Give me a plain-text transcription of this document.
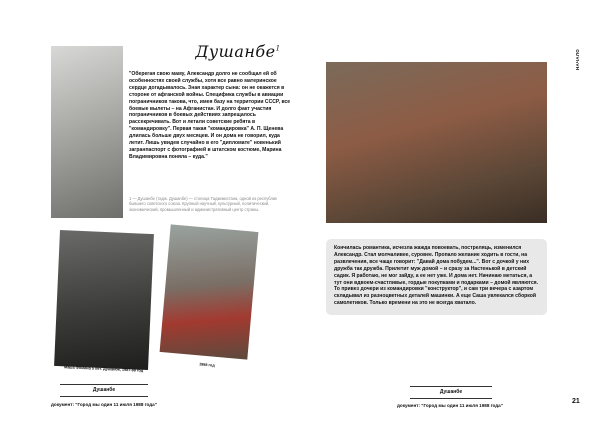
Душанбе$^1$
"Оберегая свою маму, Александр долго не сообщал ей об особенностях своей службы, хотя все равно материнское сердце догадывалось. Зная характер сына: он не окажется в стороне от афганской войны. Специфика службы в авиации пограничников такова, что, имея базу на территории СССР, все боевые вылеты – на Афганистан. И долго факт участия пограничников в боевых действиях запрещалось рассекречивать. Вот и летали советские ребята в "командировку". Первая такая "командировка" А. П. Щенева длилась больше двух месяцев. И он дома не говорил, куда летит. Лишь увидев случайно в его "дипломате" новенький загранпаспорт с фотографией в штатском костюме, Марина Владимировна поняла – куда."
1 — Душанбе (тадж. Душанбе) — столица Таджикистана, одной из республик бывшего советского союза. Крупный научный, культурный, политический, экономический, промышленный и административный центр страны.
Маша Фомина 5 лет. Душанбе, 1987-88 год
1988 год
Душанбе
документ: "Город мы один 11 июля 1988 года"
НАЧАЛО
Кончилась романтика, исчезла жажда повоевать, постреляць, изменился Александр. Стал молчаливее, суровее. Пропало желание ходить в гости, на развлечения, все чаще говорит: "Давай дома побудем...". Вот с дочкой у них дружба так дружба. Прилетит муж домой – и сразу за Настенькой в детский садик. Я работаю, не мог зайду, а ее нет уже. И дома нет. Начинаю метаться, а тут они вдвоем-счастливые, гордые покупками и подарками – домой являются. То привез дочери из командировки "конструктор", и сам три вечера с азартом складывал из разноцветных деталей машинки. А еще Саша увлекался сборкой самолетиков. Только времени на это не всегда хватало.
Душанбе
документ: "Город мы один 11 июля 1988 года"
21
